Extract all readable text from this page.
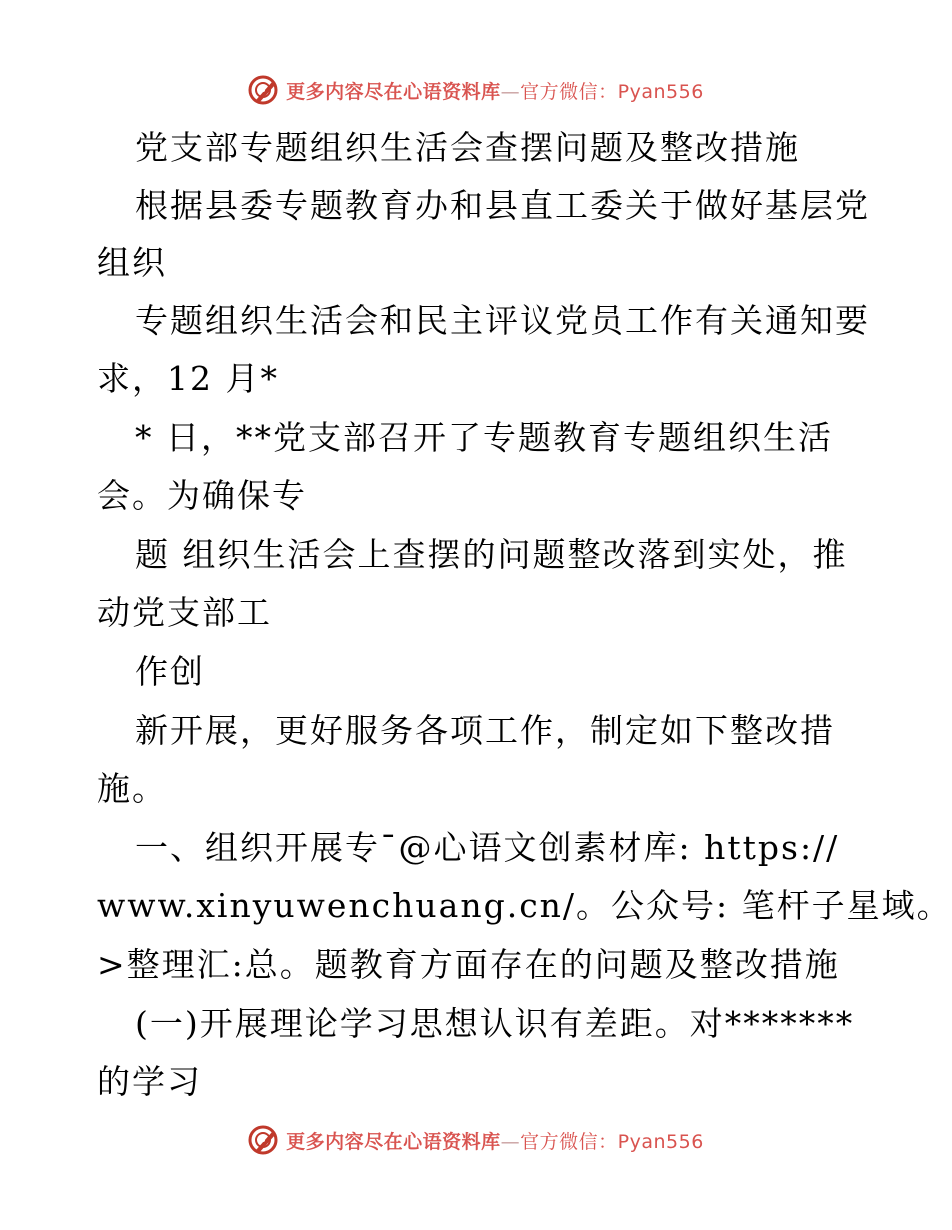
更多内容尽在心语资料库—官方微信：Pyan556
党支部专题组织生活会查摆问题及整改措施
根据县委专题教育办和县直工委关于做好基层党
组织
专题组织生活会和民主评议党员工作有关通知要
求，12 月*
* 日，**党支部召开了专题教育专题组织生活
会。为确保专
题 组织生活会上查摆的问题整改落到实处，推
动党支部工
作创
新开展，更好服务各项工作，制定如下整改措
施。
一、组织开展专¯@心语文创素材库: https://
www.xinyuwenchuang.cn/。公众号: 笔杆子星域。
>整理汇:总。题教育方面存在的问题及整改措施
(一)开展理论学习思想认识有差距。对*******
的学习
更多内容尽在心语资料库—官方微信：Pyan556
